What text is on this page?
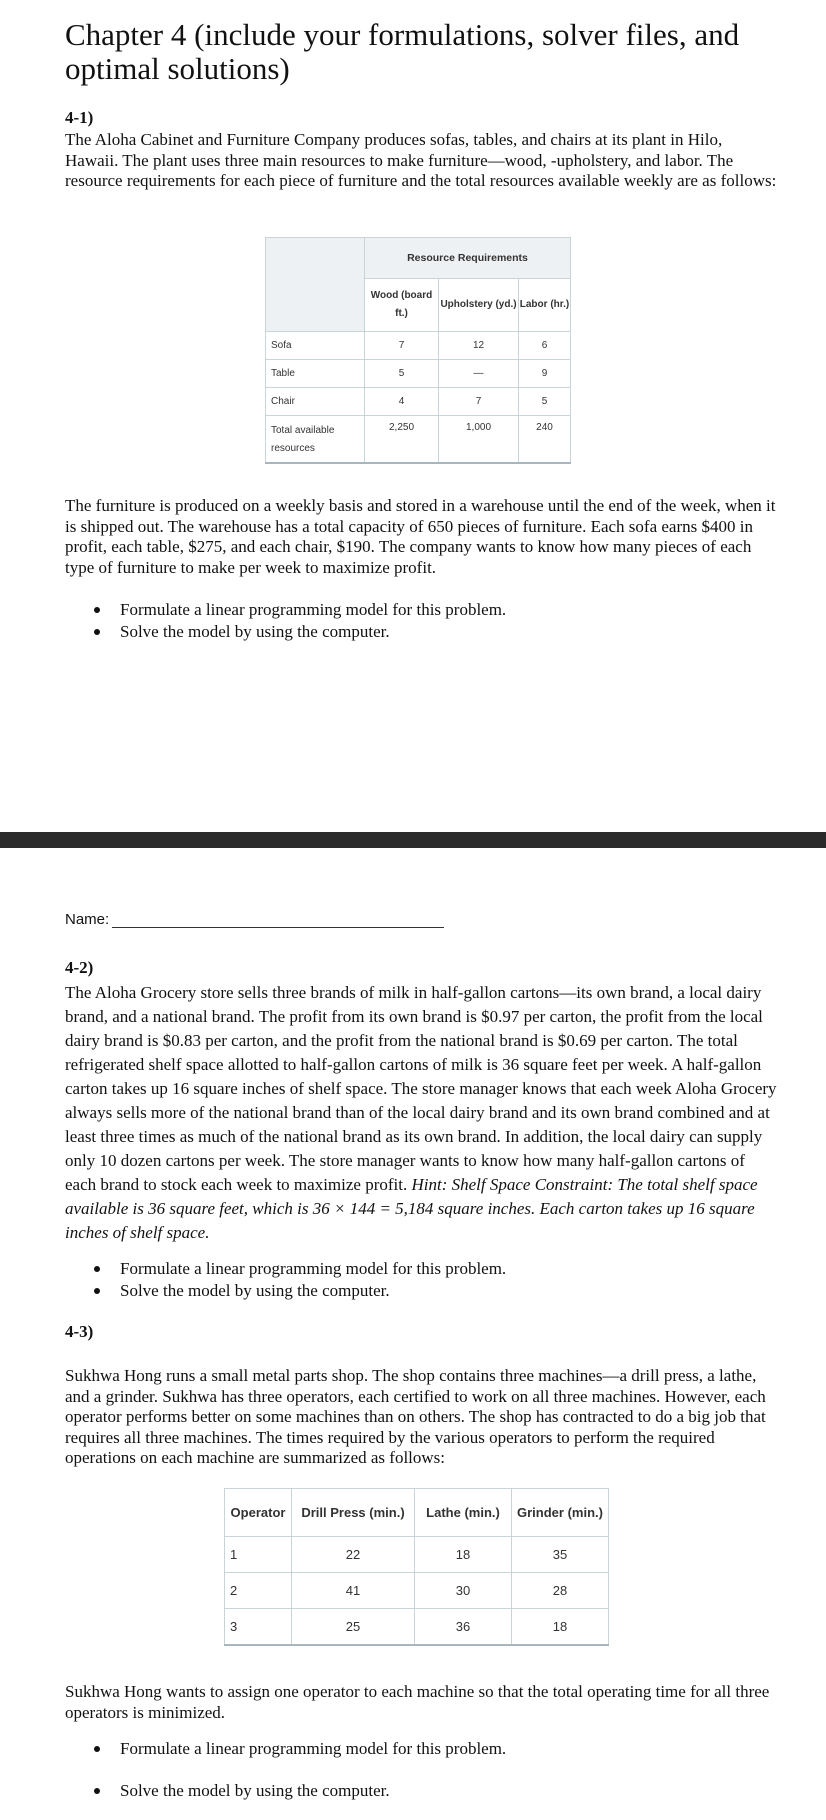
Chapter 4 (include your formulations, solver files, and optimal solutions)

4-1)

The Aloha Cabinet and Furniture Company produces sofas, tables, and chairs at its plant in Hilo, Hawaii. The plant uses three main resources to make furniture—wood, -upholstery, and labor. The resource requirements for each piece of furniture and the total resources available weekly are as follows:

	Resource Requirements		
	Wood (board ft.)	Upholstery (yd.)	Labor (hr.)
Sofa	7	12	6
Table	5	—	9
Chair	4	7	5
Total available resources	2,250	1,000	240

The furniture is produced on a weekly basis and stored in a warehouse until the end of the week, when it is shipped out. The warehouse has a total capacity of 650 pieces of furniture. Each sofa earns $400 in profit, each table, $275, and each chair, $190. The company wants to know how many pieces of each type of furniture to make per week to maximize profit.

Formulate a linear programming model for this problem.
Solve the model by using the computer.
Name:

4-2)

The Aloha Grocery store sells three brands of milk in half-gallon cartons—its own brand, a local dairy brand, and a national brand. The profit from its own brand is $0.97 per carton, the profit from the local dairy brand is $0.83 per carton, and the profit from the national brand is $0.69 per carton. The total refrigerated shelf space allotted to half-gallon cartons of milk is 36 square feet per week. A half-gallon carton takes up 16 square inches of shelf space. The store manager knows that each week Aloha Grocery always sells more of the national brand than of the local dairy brand and its own brand combined and at least three times as much of the national brand as its own brand. In addition, the local dairy can supply only 10 dozen cartons per week. The store manager wants to know how many half-gallon cartons of each brand to stock each week to maximize profit. Hint: Shelf Space Constraint: The total shelf space available is 36 square feet, which is 36 × 144 = 5,184 square inches. Each carton takes up 16 square inches of shelf space.

Formulate a linear programming model for this problem.
Solve the model by using the computer.

4-3)

Sukhwa Hong runs a small metal parts shop. The shop contains three machines—a drill press, a lathe, and a grinder. Sukhwa has three operators, each certified to work on all three machines. However, each operator performs better on some machines than on others. The shop has contracted to do a big job that requires all three machines. The times required by the various operators to perform the required operations on each machine are summarized as follows:

Operator	Drill Press (min.)	Lathe (min.)	Grinder (min.)
1	22	18	35
2	41	30	28
3	25	36	18

Sukhwa Hong wants to assign one operator to each machine so that the total operating time for all three operators is minimized.

Formulate a linear programming model for this problem.
Solve the model by using the computer.
